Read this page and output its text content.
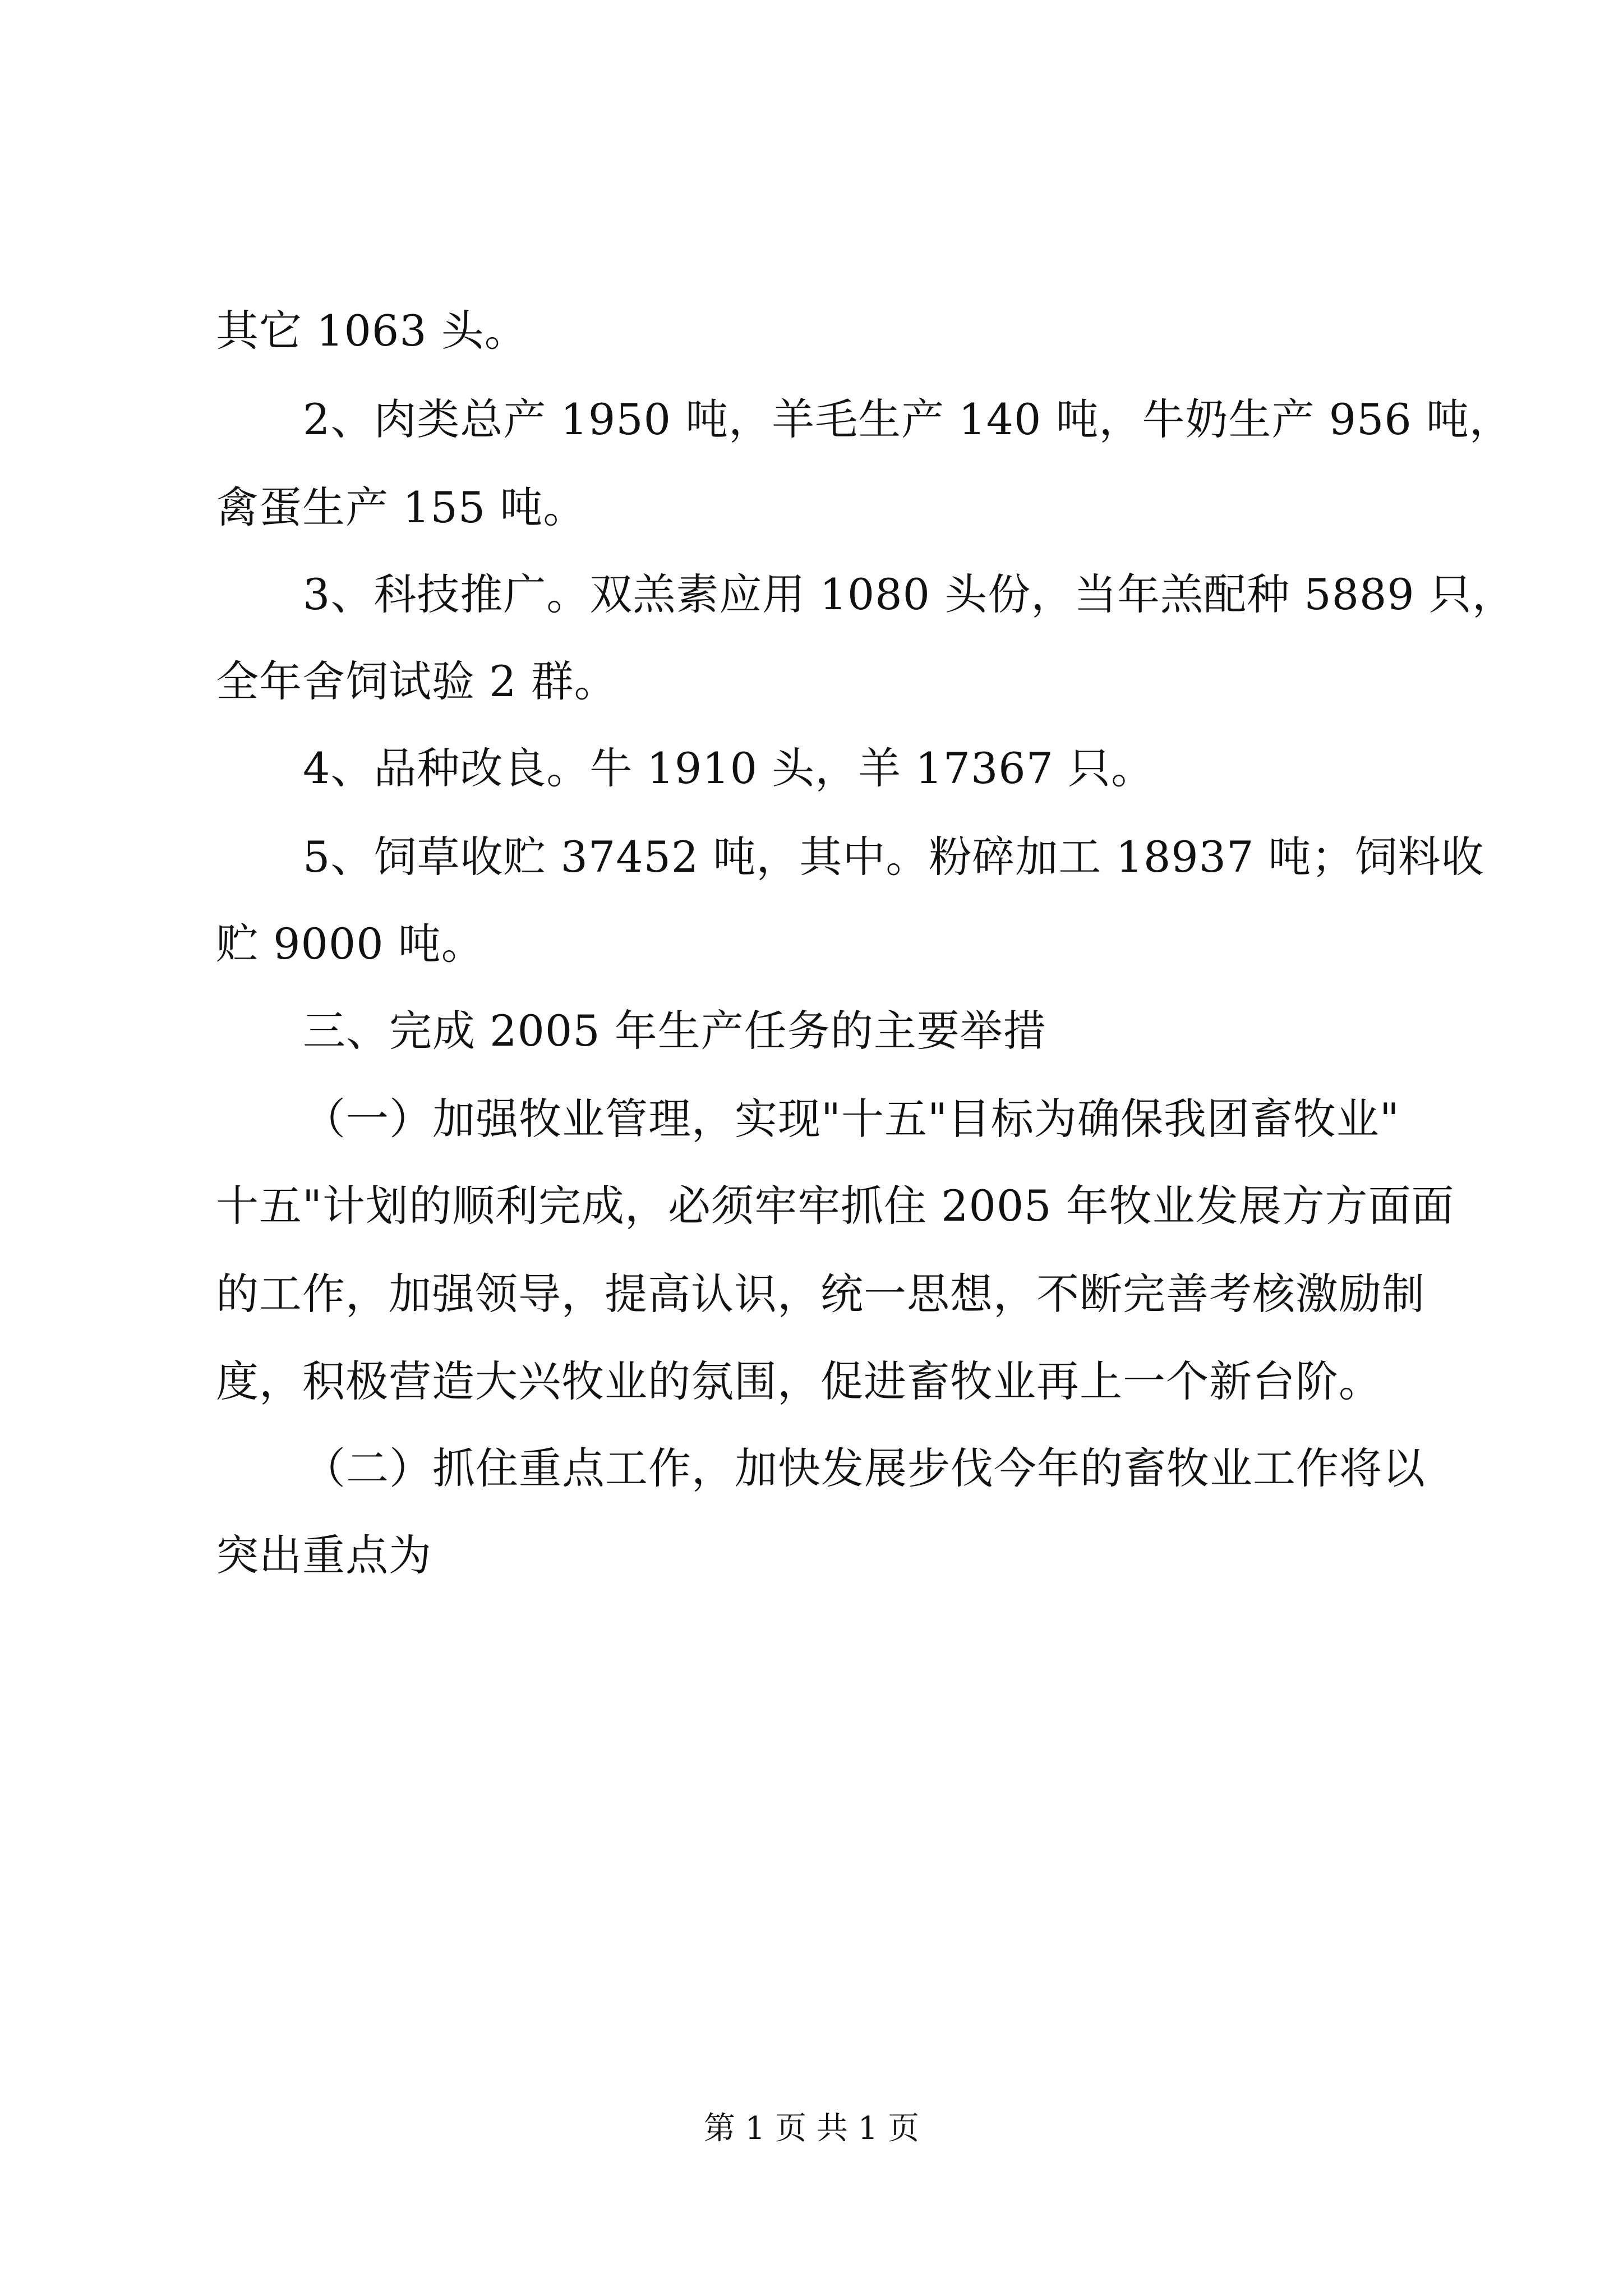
其它 1063 头。
2、肉类总产 1950 吨，羊毛生产 140 吨，牛奶生产 956 吨，
禽蛋生产 155 吨。
3、科技推广。双羔素应用 1080 头份，当年羔配种 5889 只，
全年舍饲试验 2 群。
4、品种改良。牛 1910 头，羊 17367 只。
5、饲草收贮 37452 吨，其中。粉碎加工 18937 吨；饲料收
贮 9000 吨。
三、完成 2005 年生产任务的主要举措
（一）加强牧业管理，实现"十五"目标为确保我团畜牧业"
十五"计划的顺利完成，必须牢牢抓住 2005 年牧业发展方方面面
的工作，加强领导，提高认识，统一思想，不断完善考核激励制
度，积极营造大兴牧业的氛围，促进畜牧业再上一个新台阶。
（二）抓住重点工作，加快发展步伐今年的畜牧业工作将以
突出重点为
第 1 页 共 1 页
